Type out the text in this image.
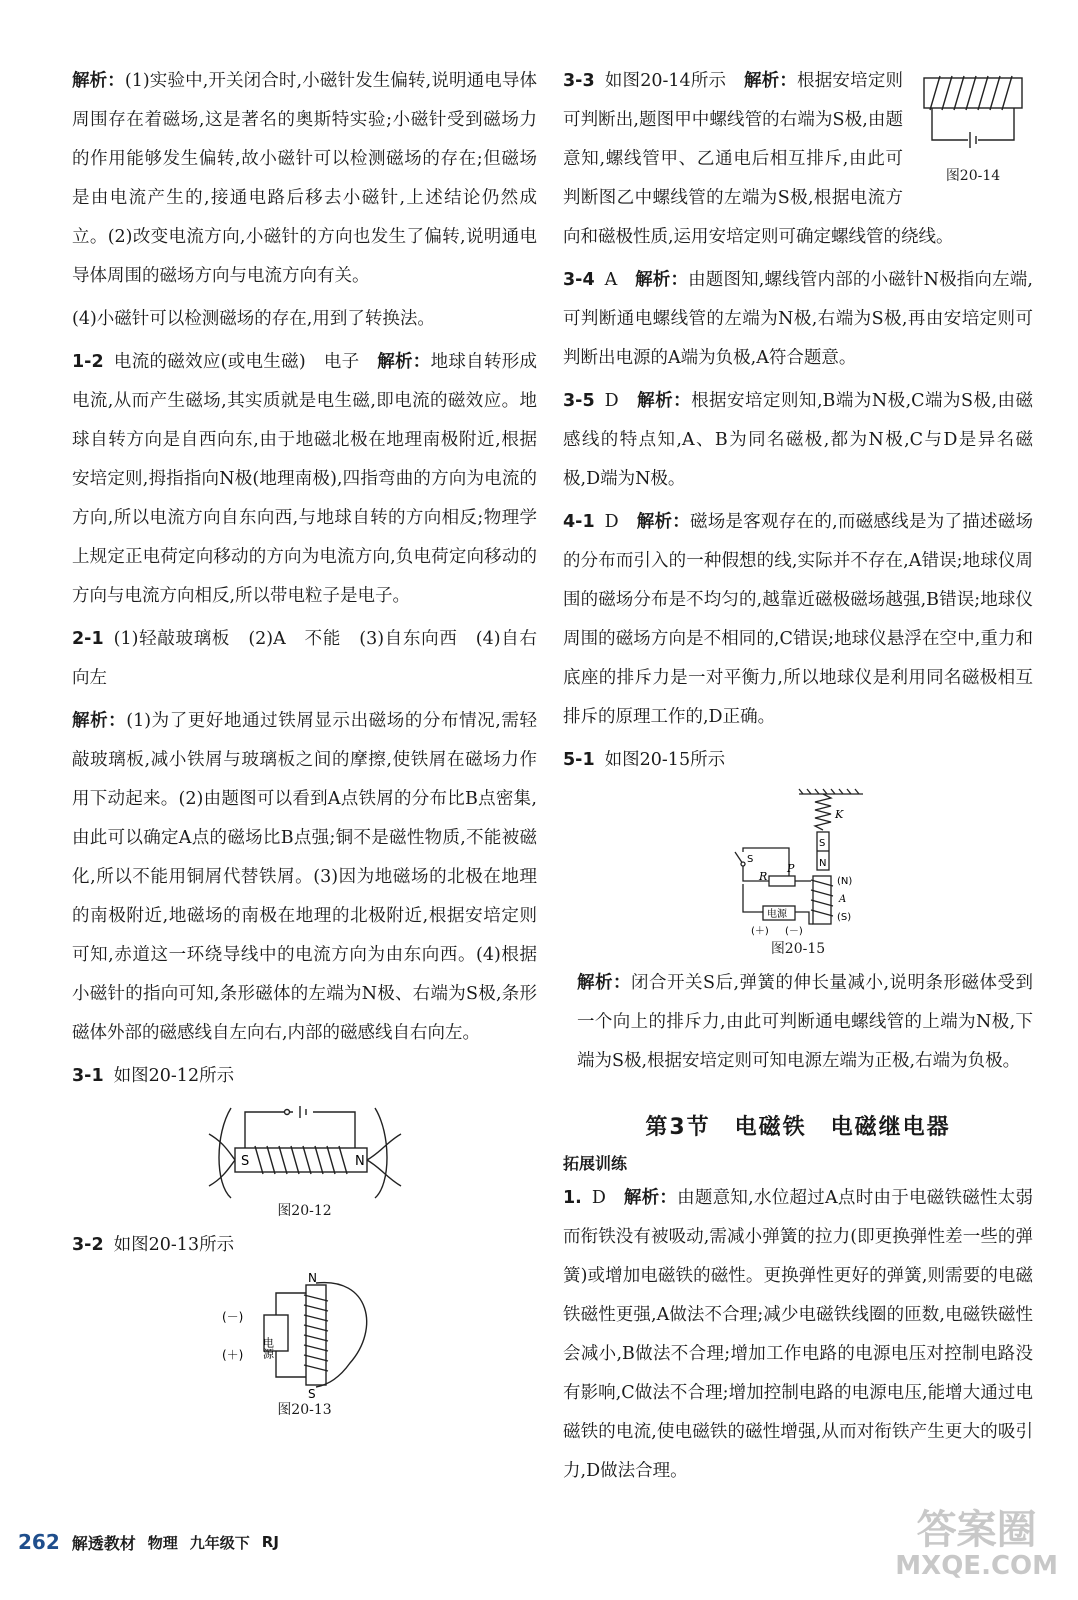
解析：(1)实验中,开关闭合时,小磁针发生偏转,说明通电导体周围存在着磁场,这是著名的奥斯特实验;小磁针受到磁场力的作用能够发生偏转,故小磁针可以检测磁场的存在;但磁场是由电流产生的,接通电路后移去小磁针,上述结论仍然成立。(2)改变电流方向,小磁针的方向也发生了偏转,说明通电导体周围的磁场方向与电流方向有关。

(4)小磁针可以检测磁场的存在,用到了转换法。

1-2 电流的磁效应(或电生磁)　电子　 解析：地球自转形成电流,从而产生磁场,其实质就是电生磁,即电流的磁效应。地球自转方向是自西向东,由于地磁北极在地理南极附近,根据安培定则,拇指指向N极(地理南极),四指弯曲的方向为电流的方向,所以电流方向自东向西,与地球自转的方向相反;物理学上规定正电荷定向移动的方向为电流方向,负电荷定向移动的方向与电流方向相反,所以带电粒子是电子。

2-1 (1)轻敲玻璃板　(2)A　不能　(3)自东向西　(4)自右向左

解析：(1)为了更好地通过铁屑显示出磁场的分布情况,需轻敲玻璃板,减小铁屑与玻璃板之间的摩擦,使铁屑在磁场力作用下动起来。(2)由题图可以看到A点铁屑的分布比B点密集,由此可以确定A点的磁场比B点强;铜不是磁性物质,不能被磁化,所以不能用铜屑代替铁屑。(3)因为地磁场的北极在地理的南极附近,地磁场的南极在地理的北极附近,根据安培定则可知,赤道这一环绕导线中的电流方向为由东向西。(4)根据小磁针的指向可知,条形磁体的左端为N极、右端为S极,条形磁体外部的磁感线自左向右,内部的磁感线自右向左。

3-1 如图20-12所示

S	N
图20-12

3-2 如图20-13所示

N
S
(－)
(＋) 电源
图20-13
图20-14

3-3 如图20-14所示　 解析：根据安培定则可判断出,题图甲中螺线管的右端为S极,由题意知,螺线管甲、乙通电后相互排斥,由此可判断图乙中螺线管的左端为S极,根据电流方向和磁极性质,运用安培定则可确定螺线管的绕线。

3-4 A　 解析：由题图知,螺线管内部的小磁针N极指向左端,可判断通电螺线管的左端为N极,右端为S极,再由安培定则可判断出电源的A端为负极,A符合题意。

3-5 D　 解析：根据安培定则知,B端为N极,C端为S极,由磁感线的特点知,A、B为同名磁极,都为N极,C与D是异名磁极,D端为N极。

4-1 D　 解析：磁场是客观存在的,而磁感线是为了描述磁场的分布而引入的一种假想的线,实际并不存在,A错误;地球仪周围的磁场分布是不均匀的,越靠近磁极磁场越强,B错误;地球仪周围的磁场方向是不相同的,C错误;地球仪悬浮在空中,重力和底座的排斥力是一对平衡力,所以地球仪是利用同名磁极相互排斥的原理工作的,D正确。

5-1 如图20-15所示

K
S
N
R
P
S
(N)
A
(S)
电源
(＋) (－)
图20-15

解析：闭合开关S后,弹簧的伸长量减小,说明条形磁体受到一个向上的排斥力,由此可判断通电螺线管的上端为N极,下端为S极,根据安培定则可知电源左端为正极,右端为负极。

第3节　电磁铁　电磁继电器
拓展训练

1. D　 解析：由题意知,水位超过A点时由于电磁铁磁性太弱而衔铁没有被吸动,需减小弹簧的拉力(即更换弹性差一些的弹簧)或增加电磁铁的磁性。更换弹性更好的弹簧,则需要的电磁铁磁性更强,A做法不合理;减少电磁铁线圈的匝数,电磁铁磁性会减小,B做法不合理;增加工作电路的电源电压对控制电路没有影响,C做法不合理;增加控制电路的电源电压,能增大通过电磁铁的电流,使电磁铁的磁性增强,从而对衔铁产生更大的吸引力,D做法合理。

262 解透教材 物理 九年级下 RJ	答案圈
MXQE.COM
